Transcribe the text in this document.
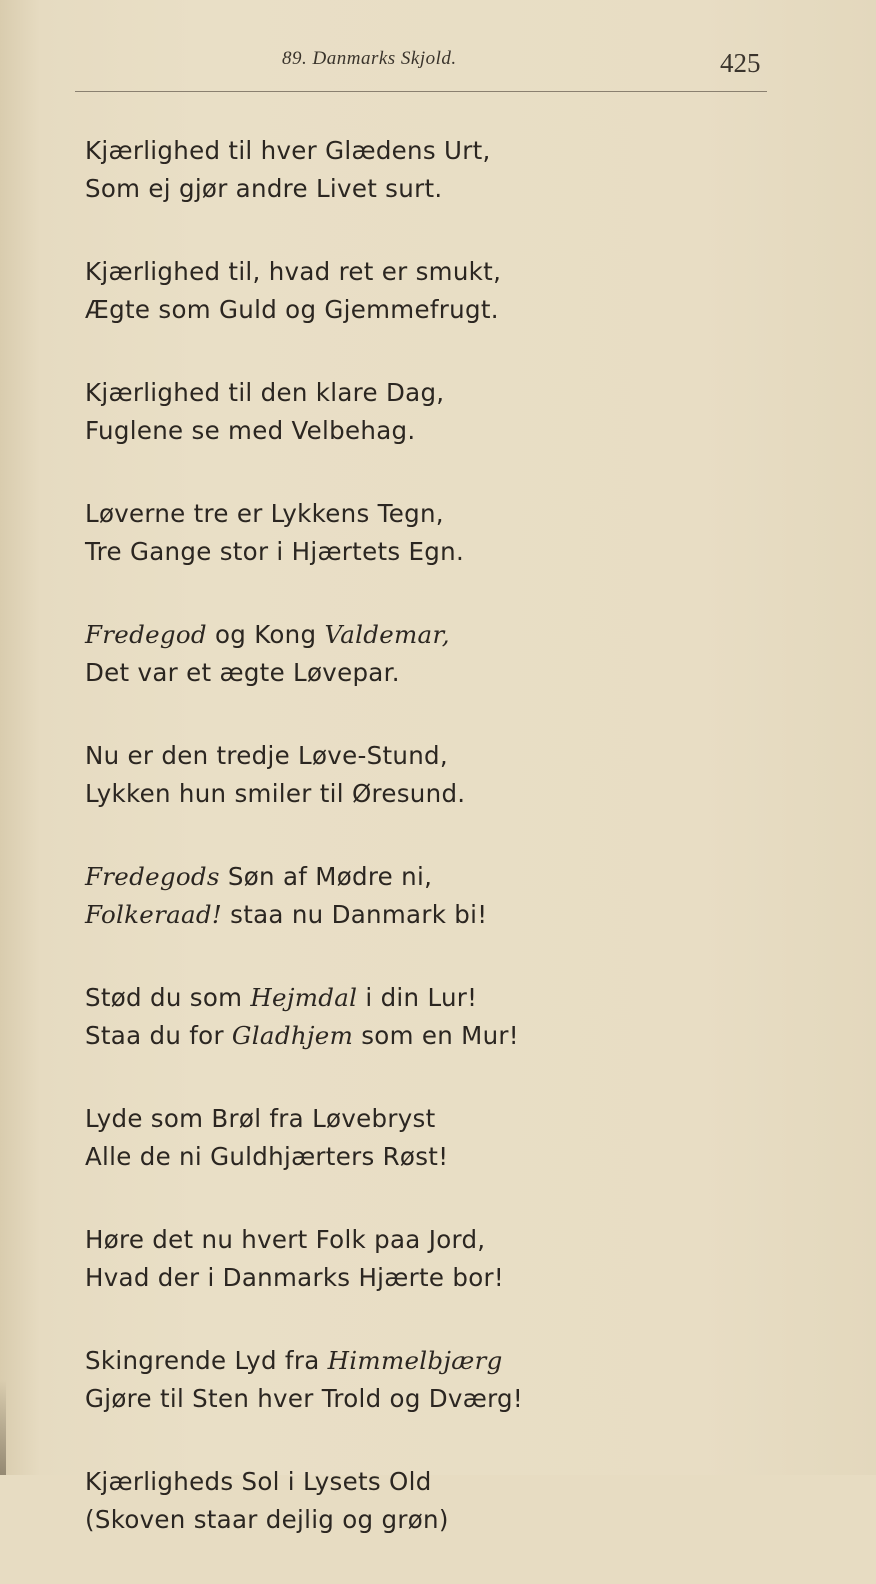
89. Danmarks Skjold.	425
Kjærlighed til hver Glædens Urt,
Som ej gjør andre Livet surt.
Kjærlighed til, hvad ret er smukt,
Ægte som Guld og Gjemmefrugt.
Kjærlighed til den klare Dag,
Fuglene se med Velbehag.
Løverne tre er Lykkens Tegn,
Tre Gange stor i Hjærtets Egn.
Fredegod og Kong Valdemar,
Det var et ægte Løvepar.
Nu er den tredje Løve-Stund,
Lykken hun smiler til Øresund.
Fredegods Søn af Mødre ni,
Folkeraad! staa nu Danmark bi!
Stød du som Hejmdal i din Lur!
Staa du for Gladhjem som en Mur!
Lyde som Brøl fra Løvebryst
Alle de ni Guldhjærters Røst!
Høre det nu hvert Folk paa Jord,
Hvad der i Danmarks Hjærte bor!
Skingrende Lyd fra Himmelbjærg
Gjøre til Sten hver Trold og Dværg!
Kjærligheds Sol i Lysets Old
(Skoven staar dejlig og grøn)
